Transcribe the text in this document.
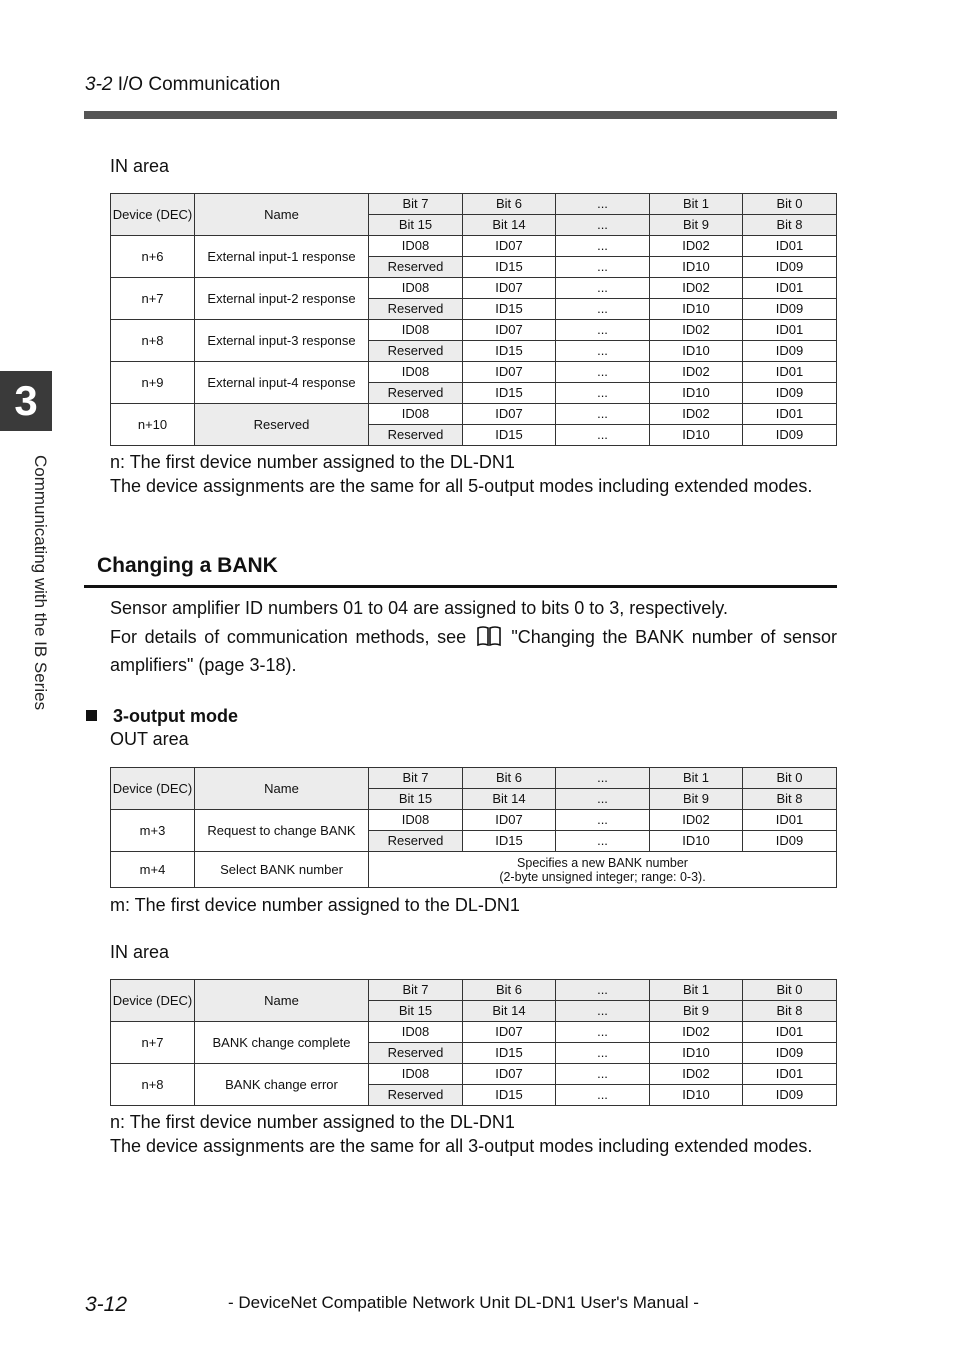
3-2 I/O Communication
3
Communicating with the IB Series
IN area
Device (DEC)	Name	Bit 7	Bit 6	...	Bit 1	Bit 0
		Bit 15	Bit 14	...	Bit 9	Bit 8
n+6	External input-1 response	ID08	ID07	...	ID02	ID01
		Reserved	ID15	...	ID10	ID09
n+7	External input-2 response	ID08	ID07	...	ID02	ID01
		Reserved	ID15	...	ID10	ID09
n+8	External input-3 response	ID08	ID07	...	ID02	ID01
		Reserved	ID15	...	ID10	ID09
n+9	External input-4 response	ID08	ID07	...	ID02	ID01
		Reserved	ID15	...	ID10	ID09
n+10	Reserved	ID08	ID07	...	ID02	ID01
		Reserved	ID15	...	ID10	ID09
n: The first device number assigned to the DL-DN1
The device assignments are the same for all 5-output modes including extended modes.
Changing a BANK
Sensor amplifier ID numbers 01 to 04 are assigned to bits 0 to 3, respectively.
For details of communication methods, see	"Changing the BANK number of sensor amplifiers" (page 3-18).
3-output mode
OUT area
Device (DEC)	Name	Bit 7	Bit 6	...	Bit 1	Bit 0
		Bit 15	Bit 14	...	Bit 9	Bit 8
m+3	Request to change BANK	ID08	ID07	...	ID02	ID01
		Reserved	ID15	...	ID10	ID09
m+4	Select BANK number	Specifies a new BANK number
(2-byte unsigned integer; range: 0-3).				
m: The first device number assigned to the DL-DN1
IN area
Device (DEC)	Name	Bit 7	Bit 6	...	Bit 1	Bit 0
		Bit 15	Bit 14	...	Bit 9	Bit 8
n+7	BANK change complete	ID08	ID07	...	ID02	ID01
		Reserved	ID15	...	ID10	ID09
n+8	BANK change error	ID08	ID07	...	ID02	ID01
		Reserved	ID15	...	ID10	ID09
n: The first device number assigned to the DL-DN1
The device assignments are the same for all 3-output modes including extended modes.
3-12	- DeviceNet Compatible Network Unit DL-DN1 User's Manual -
